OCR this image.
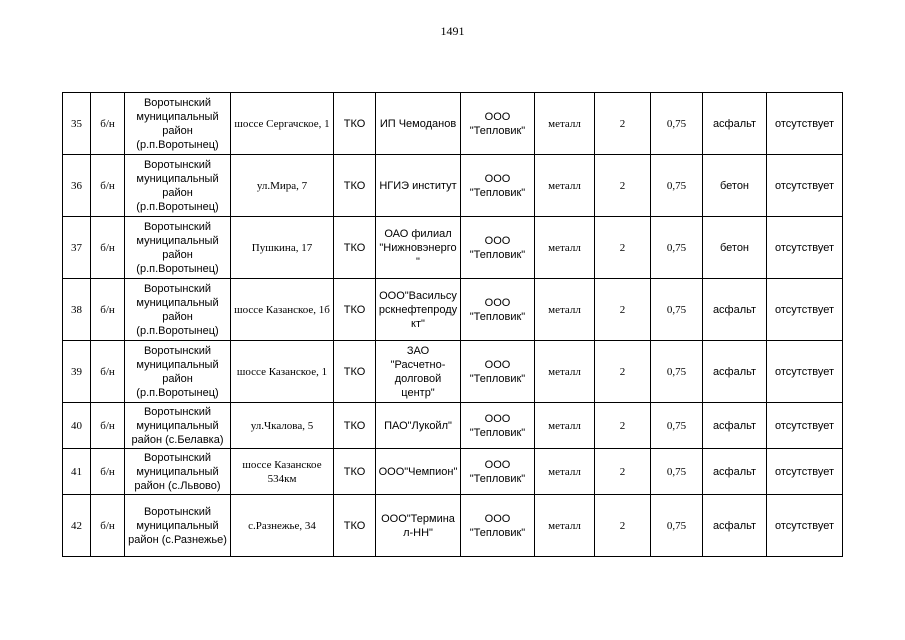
1491
35	б/н	Воротынский муниципальный район (р.п.Воротынец)	шоссе Сергачское, 1	ТКО	ИП Чемоданов	ООО "Тепловик"	металл	2	0,75	асфальт	отсутствует
36	б/н	Воротынский муниципальный район (р.п.Воротынец)	ул.Мира, 7	ТКО	НГИЭ институт	ООО "Тепловик"	металл	2	0,75	бетон	отсутствует
37	б/н	Воротынский муниципальный район (р.п.Воротынец)	Пушкина, 17	ТКО	ОАО филиал "Нижновэнерго"	ООО "Тепловик"	металл	2	0,75	бетон	отсутствует
38	б/н	Воротынский муниципальный район (р.п.Воротынец)	шоссе Казанское, 1б	ТКО	ООО"Васильсурскнефтепродукт"	ООО "Тепловик"	металл	2	0,75	асфальт	отсутствует
39	б/н	Воротынский муниципальный район (р.п.Воротынец)	шоссе Казанское, 1	ТКО	ЗАО "Расчетно-долговой центр"	ООО "Тепловик"	металл	2	0,75	асфальт	отсутствует
40	б/н	Воротынский муниципальный район (с.Белавка)	ул.Чкалова, 5	ТКО	ПАО"Лукойл"	ООО "Тепловик"	металл	2	0,75	асфальт	отсутствует
41	б/н	Воротынский муниципальный район (с.Львово)	шоссе Казанское 534км	ТКО	ООО"Чемпион"	ООО "Тепловик"	металл	2	0,75	асфальт	отсутствует
42	б/н	Воротынский муниципальный район (с.Разнежье)	с.Разнежье, 34	ТКО	ООО"Терминал-НН"	ООО "Тепловик"	металл	2	0,75	асфальт	отсутствует
